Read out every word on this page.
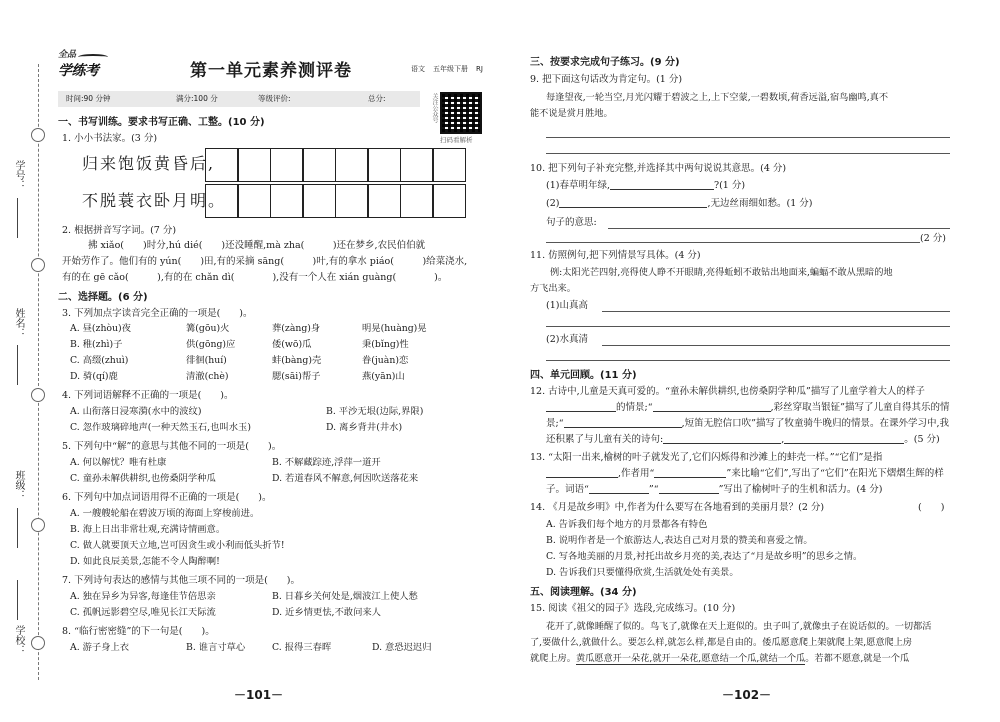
学号：
姓名：
班级：
学校：
全品
学练考	第一单元素养测评卷	语文 五年级下册 RJ
时间:90 分钟	满分:100 分	等级评价:	总分:	关注公众号
扫码看解析
一、书写训练。要求书写正确、工整。(10 分)
1. 小小书法家。(3 分)
归来饱饭黄昏后,
不脱蓑衣卧月明。
2. 根据拼音写字词。(7 分)
拂 xiǎo(　　)时分,hú dié(　　)还没睡醒,mà zha(　　　)还在梦乡,农民伯伯就
开始劳作了。他们有的 yún(　　)田,有的采摘 sāng(　　　)叶,有的拿水 piáo(　　　)给菜浇水,
有的在 gē cǎo(　　　),有的在 chǎn dì(　　　　),没有一个人在 xián guàng(　　　　)。
二、选择题。(6 分)
3. 下列加点字读音完全正确的一项是(　　)。
A. 昼(zhòu)夜	篝(gōu)火	葬(zàng)身	明晃(huàng)晃
B. 稚(zhì)子	供(gōng)应	倭(wō)瓜	秉(bǐng)性
C. 高缀(zhuì)	徘徊(huí)	蚌(bàng)壳	眷(juàn)恋
D. 骑(qí)鹿	清澈(chè)	腮(sāi)帮子	燕(yān)山
4. 下列词语解释不正确的一项是(　　)。
A. 山衔落日浸寒漪(水中的波纹)	B. 平沙无垠(边际,界限)
C. 忽作玻璃碎地声(一种天然玉石,也叫水玉)	D. 离乡背井(井水)
5. 下列句中“解”的意思与其他不同的一项是(　　)。
A. 何以解忧？唯有杜康	B. 不解藏踪迹,浮萍一道开
C. 童孙未解供耕织,也傍桑阴学种瓜	D. 若道春风不解意,何因吹送落花来
6. 下列句中加点词语用得不正确的一项是(　　)。
A. 一艘艘轮船在碧波万顷的海面上穿梭前进。
B. 海上日出非常壮观,充满诗情画意。
C. 做人就要顶天立地,岂可因贪生或小利而低头折节!
D. 如此良辰美景,怎能不令人陶醉啊!
7. 下列诗句表达的感情与其他三项不同的一项是(　　)。
A. 独在异乡为异客,每逢佳节倍思亲	B. 日暮乡关何处是,烟波江上使人愁
C. 孤帆远影碧空尽,唯见长江天际流	D. 近乡情更怯,不敢问来人
8. “临行密密缝”的下一句是(　　)。
A. 游子身上衣	B. 谁言寸草心	C. 报得三春晖	D. 意恐迟迟归
－101－
三、按要求完成句子练习。(9 分)
9. 把下面这句话改为肯定句。(1 分)
每逢望夜,一轮当空,月光闪耀于碧波之上,上下空蒙,一碧数顷,荷香远溢,宿鸟幽鸣,真不
能不说是赏月胜地。
10. 把下列句子补充完整,并选择其中两句说说其意思。(4 分)
(1)春草明年绿,	?(1 分)
(2)	,无边丝雨细如愁。(1 分)
句子的意思:
(2 分)
11. 仿照例句,把下列情景写具体。(4 分)
例:太阳光芒四射,亮得使人睁不开眼睛,亮得蚯蚓不敢钻出地面来,蝙蝠不敢从黑暗的地
方飞出来。
(1)山真高
(2)水真清
四、单元回顾。(11 分)
12. 古诗中,儿童是天真可爱的。“童孙未解供耕织,也傍桑阴学种瓜”描写了儿童学着大人的样子
的情景;“	,彩丝穿取当银钲”描写了儿童自得其乐的情
景;“	,短笛无腔信口吹”描写了牧童骑牛晚归的情景。在课外学习中,我
还积累了与儿童有关的诗句:	,	。(5 分)
13. “太阳一出来,榆树的叶子就发光了,它们闪烁得和沙滩上的蚌壳一样。”“它们”是指
,作者用“	”来比喻“它们”,写出了“它们”在阳光下熠熠生辉的样
子。词语“	”“	”写出了榆树叶子的生机和活力。(4 分)
14. 《月是故乡明》中,作者为什么要写在各地看到的美丽月景？(2 分)	(　　)
A. 告诉我们每个地方的月景都各有特色
B. 说明作者是一个旅游达人,表达自己对月景的赞美和喜爱之情。
C. 写各地美丽的月景,衬托出故乡月亮的美,表达了“月是故乡明”的思乡之情。
D. 告诉我们只要懂得欣赏,生活就处处有美景。
五、阅读理解。(34 分)
15. 阅读《祖父的园子》选段,完成练习。(10 分)
花开了,就像睡醒了似的。鸟飞了,就像在天上逛似的。虫子叫了,就像虫子在说话似的。一切都活
了,要做什么,就做什么。要怎么样,就怎么样,都是自由的。倭瓜愿意爬上架就爬上架,愿意爬上房
就爬上房。黄瓜愿意开一朵花,就开一朵花,愿意结一个瓜,就结一个瓜。若都不愿意,就是一个瓜
－102－
